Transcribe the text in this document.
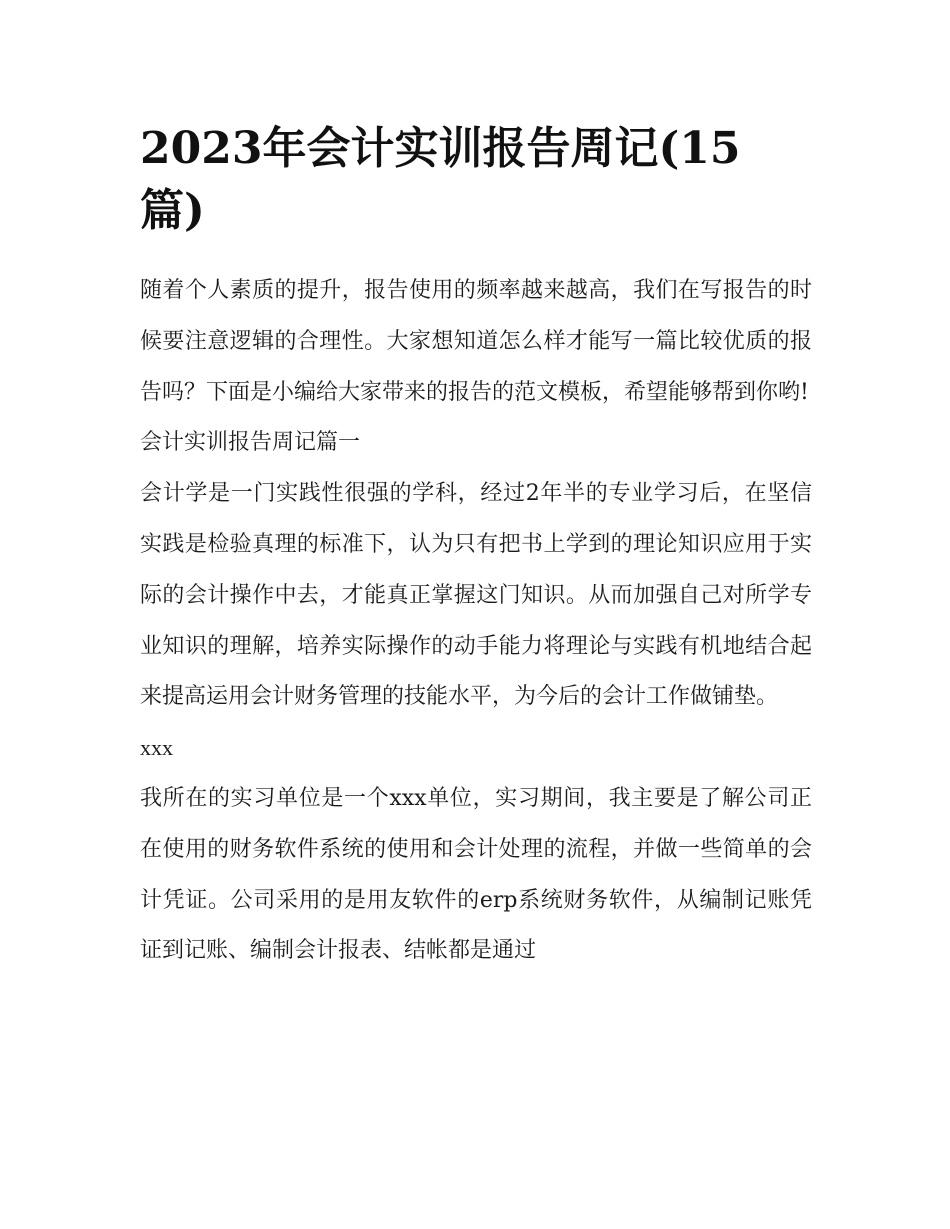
2023年会计实训报告周记(15篇)

随着个人素质的提升，报告使用的频率越来越高，我们在写报告的时候要注意逻辑的合理性。大家想知道怎么样才能写一篇比较优质的报告吗？下面是小编给大家带来的报告的范文模板，希望能够帮到你哟!

会计实训报告周记篇一

会计学是一门实践性很强的学科，经过2年半的专业学习后，在坚信实践是检验真理的标准下，认为只有把书上学到的理论知识应用于实际的会计操作中去，才能真正掌握这门知识。从而加强自己对所学专业知识的理解，培养实际操作的动手能力将理论与实践有机地结合起来提高运用会计财务管理的技能水平，为今后的会计工作做铺垫。

xxx

我所在的实习单位是一个xxx单位，实习期间，我主要是了解公司正在使用的财务软件系统的使用和会计处理的流程，并做一些简单的会计凭证。公司采用的是用友软件的erp系统财务软件，从编制记账凭证到记账、编制会计报表、结帐都是通过
